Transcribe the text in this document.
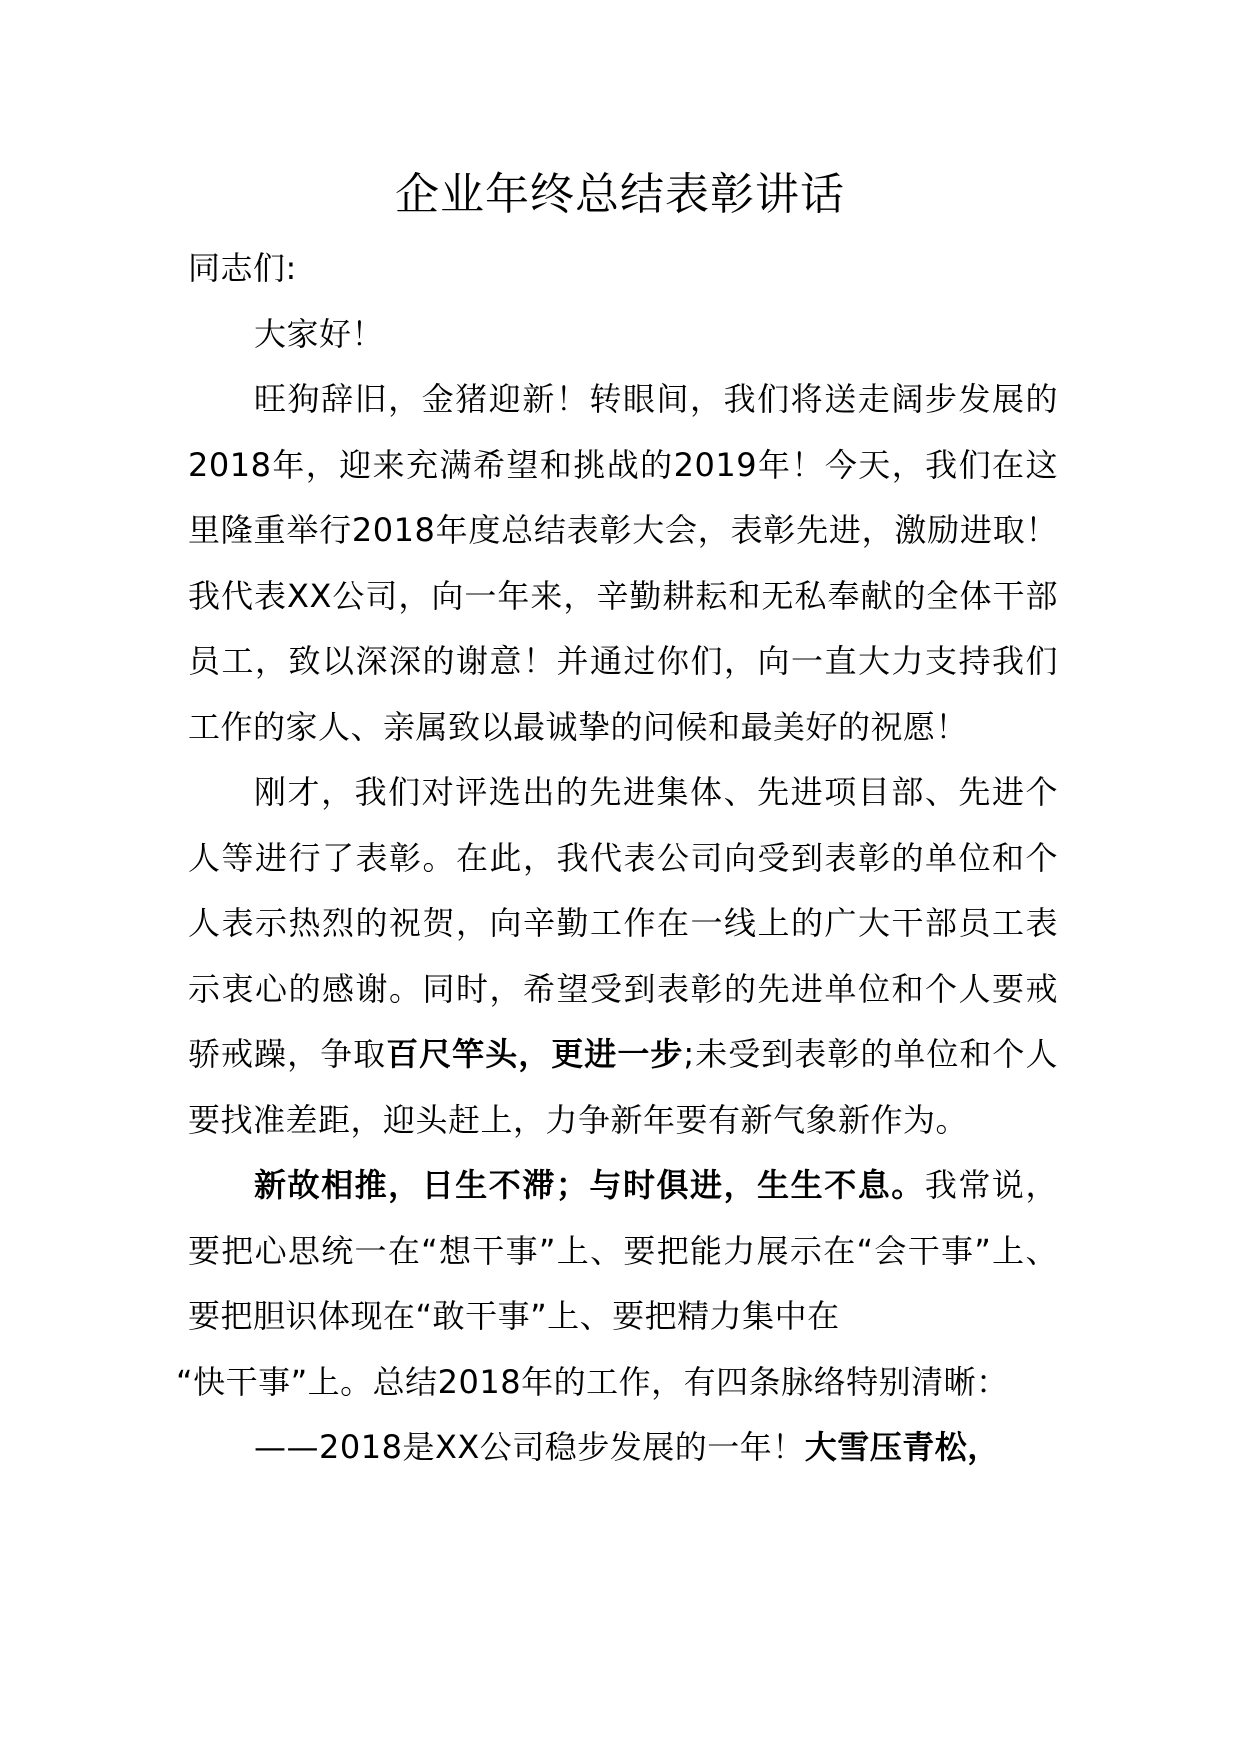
企业年终总结表彰讲话

同志们:

大家好！

旺狗辞旧，金猪迎新！转眼间，我们将送走阔步发展的2018年，迎来充满希望和挑战的2019年！今天，我们在这里隆重举行2018年度总结表彰大会，表彰先进，激励进取！我代表XX公司，向一年来，辛勤耕耘和无私奉献的全体干部员工，致以深深的谢意！并通过你们，向一直大力支持我们工作的家人、亲属致以最诚挚的问候和最美好的祝愿！

刚才，我们对评选出的先进集体、先进项目部、先进个人等进行了表彰。在此，我代表公司向受到表彰的单位和个人表示热烈的祝贺，向辛勤工作在一线上的广大干部员工表示衷心的感谢。同时，希望受到表彰的先进单位和个人要戒骄戒躁，争取百尺竿头，更进一步;未受到表彰的单位和个人要找准差距，迎头赶上，力争新年要有新气象新作为。

新故相推，日生不滞；与时俱进，生生不息。我常说，要把心思统一在“想干事”上、要把能力展示在“会干事”上、要把胆识体现在“敢干事”上、要把精力集中在

“快干事”上。总结2018年的工作，有四条脉络特别清晰：

——2018是XX公司稳步发展的一年！大雪压青松，
